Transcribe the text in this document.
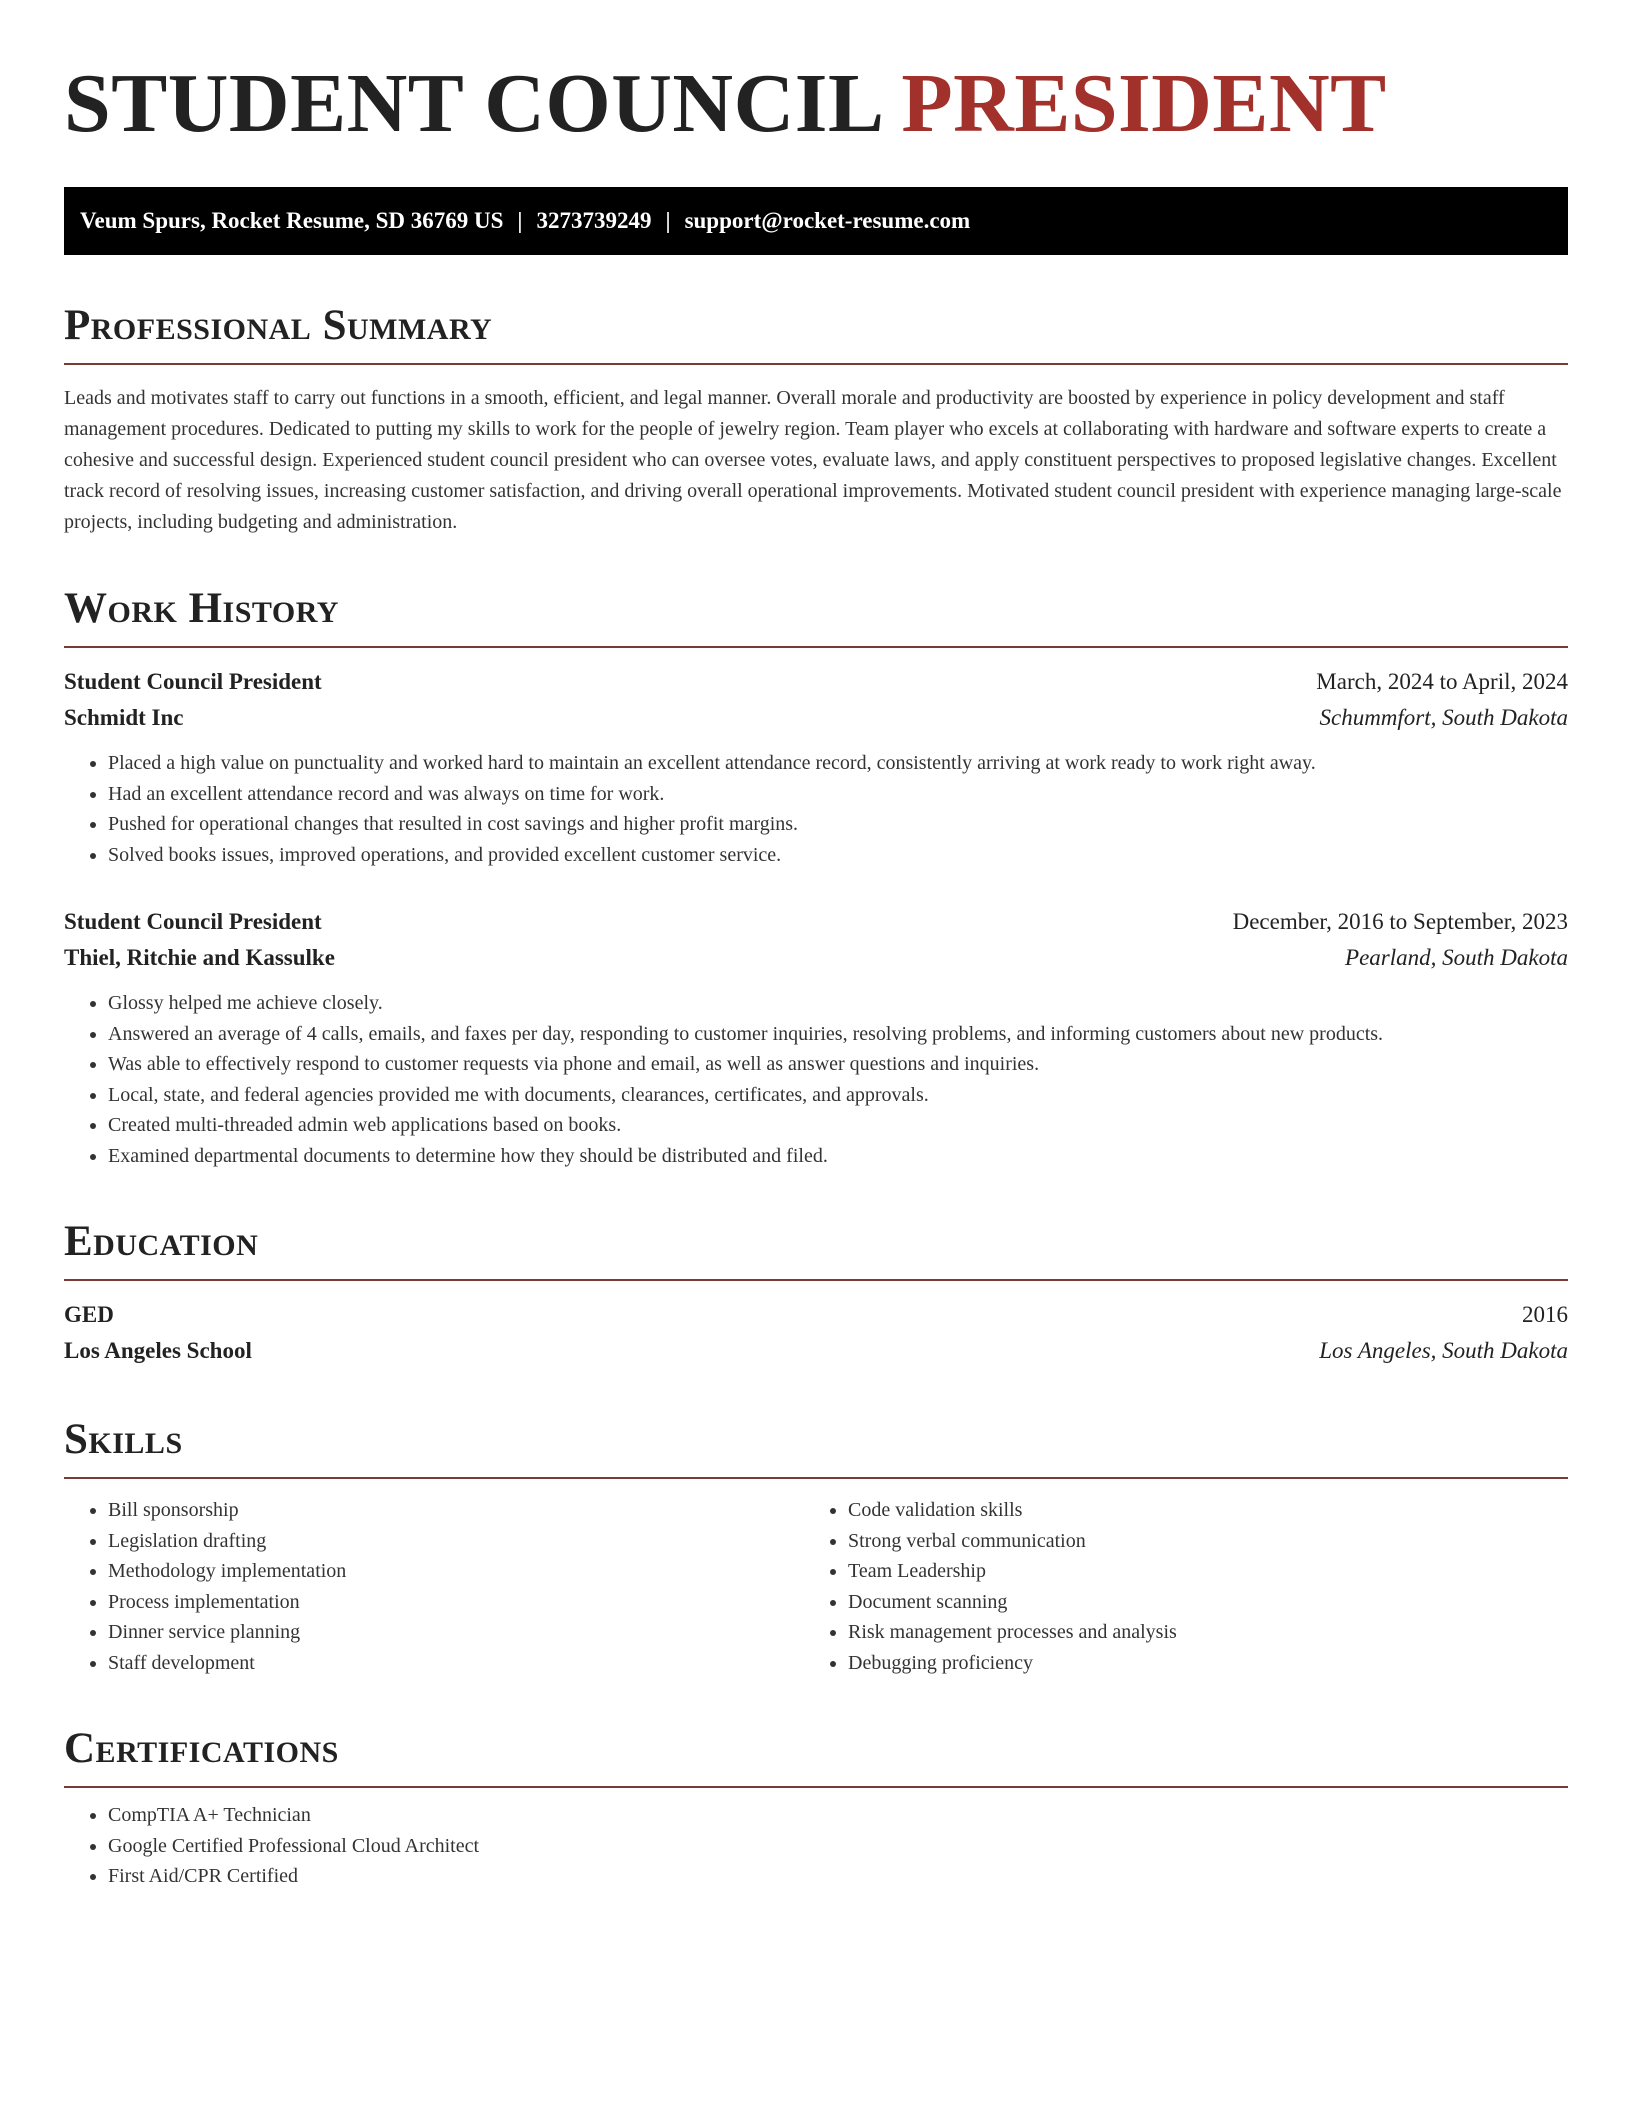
STUDENT COUNCIL PRESIDENT
Veum Spurs, Rocket Resume, SD 36769 US | 3273739249 | support@rocket-resume.com
Professional Summary

Leads and motivates staff to carry out functions in a smooth, efficient, and legal manner. Overall morale and productivity are boosted by experience in policy development and staff management procedures. Dedicated to putting my skills to work for the people of jewelry region. Team player who excels at collaborating with hardware and software experts to create a cohesive and successful design. Experienced student council president who can oversee votes, evaluate laws, and apply constituent perspectives to proposed legislative changes. Excellent track record of resolving issues, increasing customer satisfaction, and driving overall operational improvements. Motivated student council president with experience managing large-scale projects, including budgeting and administration.

Work History
Student Council President	March, 2024 to April, 2024
Schmidt Inc	Schummfort, South Dakota
• Placed a high value on punctuality and worked hard to maintain an excellent attendance record, consistently arriving at work ready to work right away.
• Had an excellent attendance record and was always on time for work.
• Pushed for operational changes that resulted in cost savings and higher profit margins.
• Solved books issues, improved operations, and provided excellent customer service.
Student Council President	December, 2016 to September, 2023
Thiel, Ritchie and Kassulke	Pearland, South Dakota
• Glossy helped me achieve closely.
• Answered an average of 4 calls, emails, and faxes per day, responding to customer inquiries, resolving problems, and informing customers about new products.
• Was able to effectively respond to customer requests via phone and email, as well as answer questions and inquiries.
• Local, state, and federal agencies provided me with documents, clearances, certificates, and approvals.
• Created multi-threaded admin web applications based on books.
• Examined departmental documents to determine how they should be distributed and filed.
Education
GED	2016
Los Angeles School	Los Angeles, South Dakota
Skills
• Bill sponsorship
• Legislation drafting
• Methodology implementation
• Process implementation
• Dinner service planning
• Staff development
• Code validation skills
• Strong verbal communication
• Team Leadership
• Document scanning
• Risk management processes and analysis
• Debugging proficiency
Certifications
• CompTIA A+ Technician
• Google Certified Professional Cloud Architect
• First Aid/CPR Certified
